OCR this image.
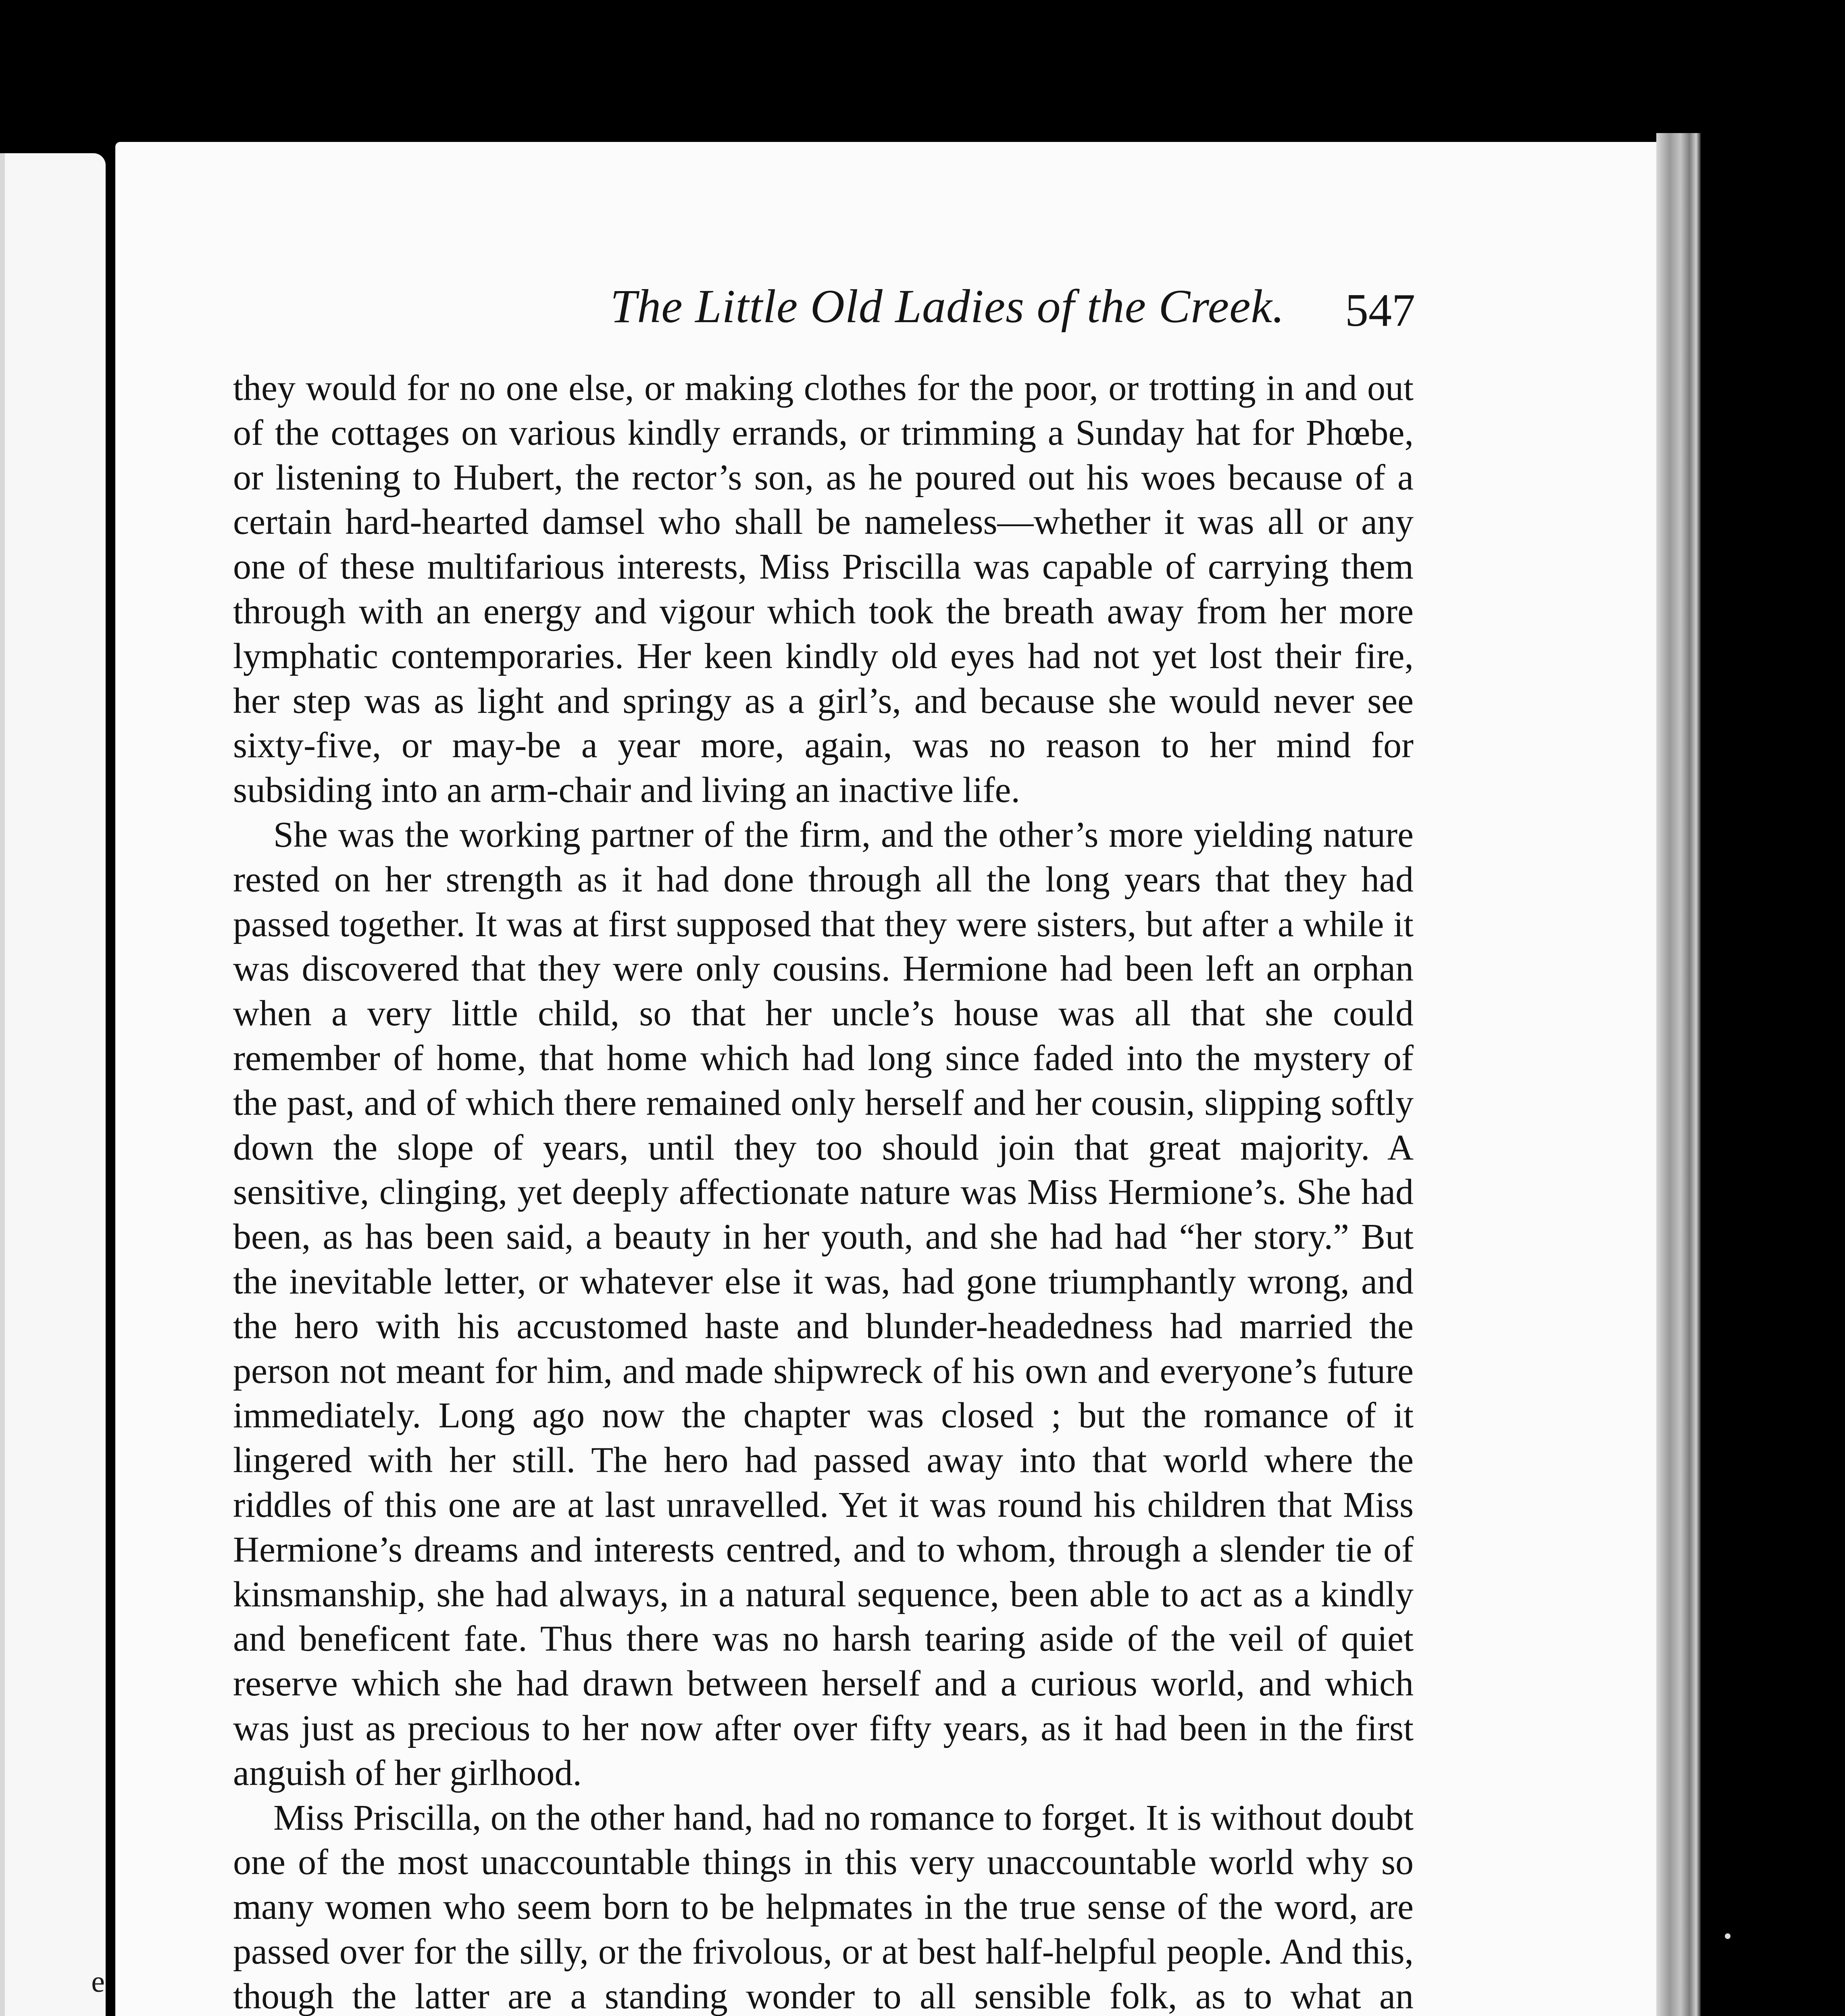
e

The Little Old Ladies of the Creek.	547

they would for no one else, or making clothes for the poor, or trotting in and out of the cottages on various kindly errands, or trimming a Sunday hat for Phœbe, or listening to Hubert, the rector’s son, as he poured out his woes because of a certain hard-hearted damsel who shall be nameless—whether it was all or any one of these multifarious interests, Miss Priscilla was capable of carrying them through with an energy and vigour which took the breath away from her more lymphatic contemporaries. Her keen kindly old eyes had not yet lost their fire, her step was as light and springy as a girl’s, and because she would never see sixty-five, or may-be a year more, again, was no reason to her mind for subsiding into an arm-chair and living an inactive life.

She was the working partner of the firm, and the other’s more yielding nature rested on her strength as it had done through all the long years that they had passed together. It was at first supposed that they were sisters, but after a while it was discovered that they were only cousins. Hermione had been left an orphan when a very little child, so that her uncle’s house was all that she could remember of home, that home which had long since faded into the mystery of the past, and of which there remained only herself and her cousin, slipping softly down the slope of years, until they too should join that great majority. A sensitive, clinging, yet deeply affectionate nature was Miss Hermione’s. She had been, as has been said, a beauty in her youth, and she had had “her story.” But the inevitable letter, or whatever else it was, had gone triumphantly wrong, and the hero with his accustomed haste and blunder-headedness had married the person not meant for him, and made shipwreck of his own and everyone’s future immediately. Long ago now the chapter was closed ; but the romance of it lingered with her still. The hero had passed away into that world where the riddles of this one are at last unravelled. Yet it was round his children that Miss Hermione’s dreams and interests centred, and to whom, through a slender tie of kinsmanship, she had always, in a natural sequence, been able to act as a kindly and beneficent fate. Thus there was no harsh tearing aside of the veil of quiet reserve which she had drawn between herself and a curious world, and which was just as precious to her now after over fifty years, as it had been in the first anguish of her girlhood.

Miss Priscilla, on the other hand, had no romance to forget. It is without doubt one of the most unaccountable things in this very unaccountable world why so many women who seem born to be helpmates in the true sense of the word, are passed over for the silly, or the frivolous, or at best half-helpful people. And this, though the latter are a standing wonder to all sensible folk, as to what an
